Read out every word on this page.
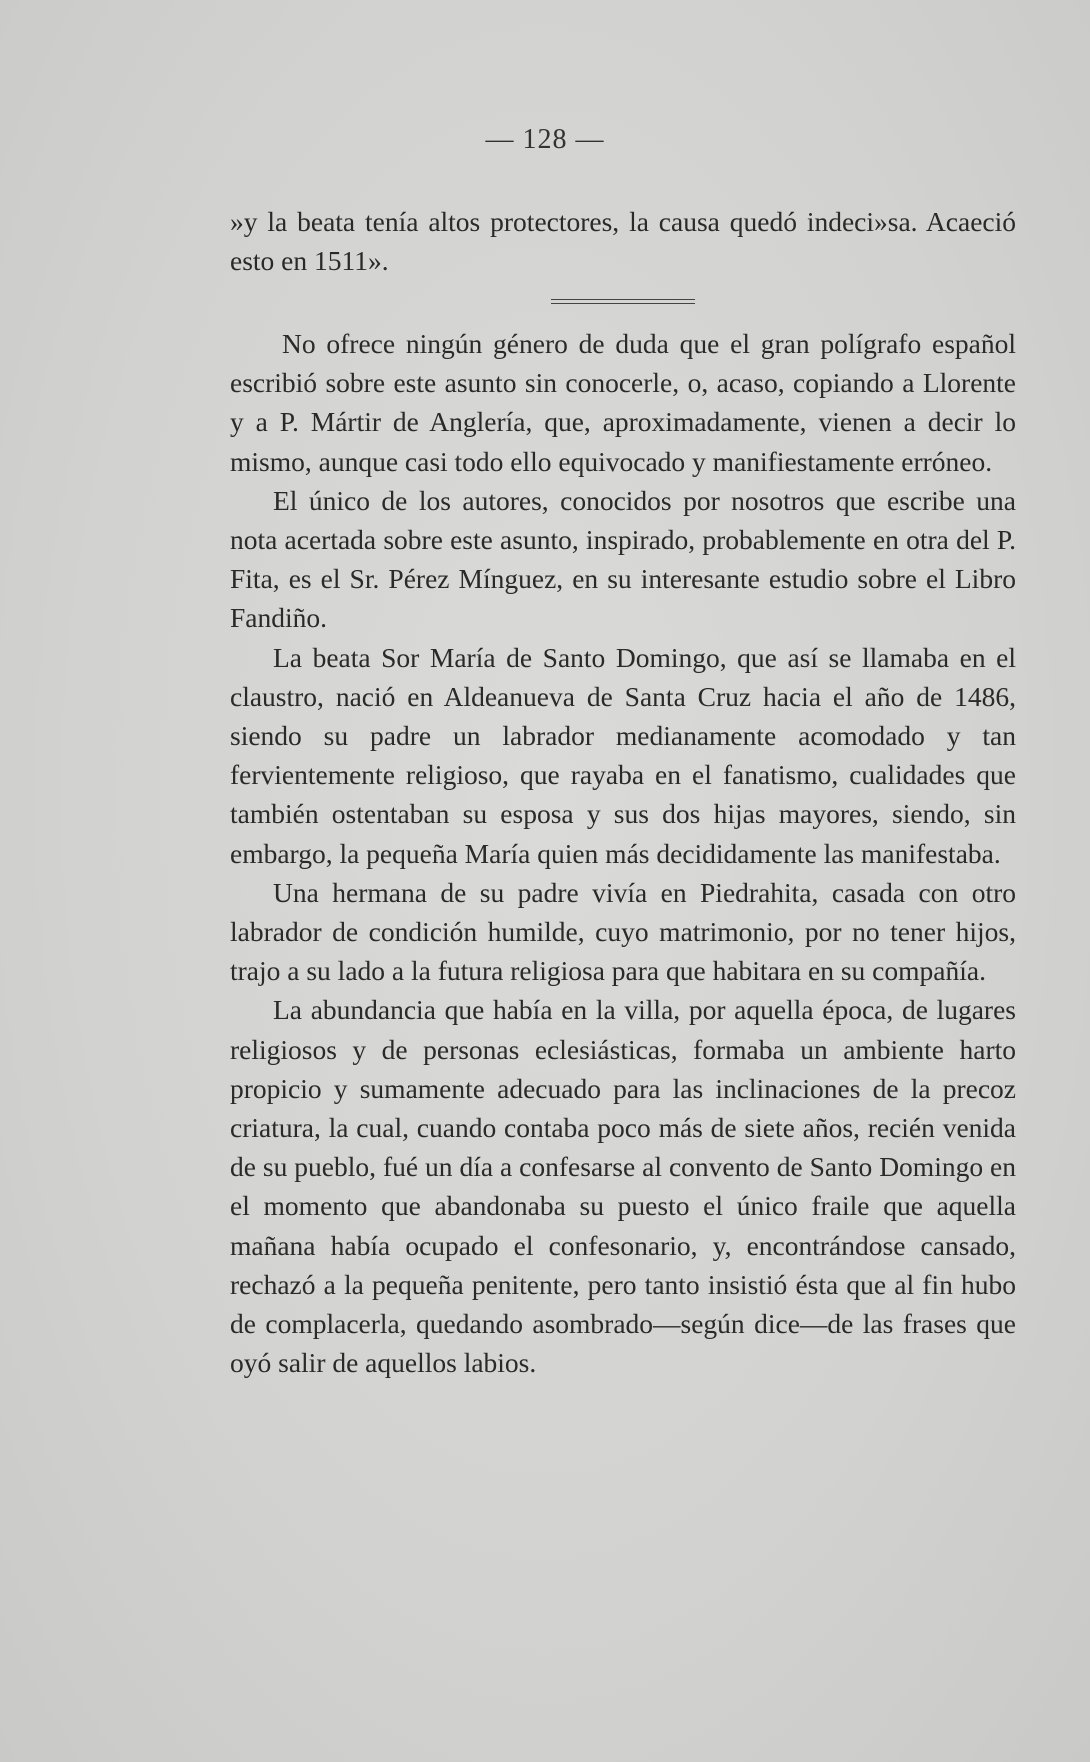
— 128 —

»y la beata tenía altos protectores, la causa quedó indeci»sa. Acaeció esto en 1511».

No ofrece ningún género de duda que el gran polígrafo español escribió sobre este asunto sin conocerle, o, acaso, copiando a Llorente y a P. Mártir de Anglería, que, aproximadamente, vienen a decir lo mismo, aunque casi todo ello equivocado y manifiestamente erróneo.

El único de los autores, conocidos por nosotros que escribe una nota acertada sobre este asunto, inspirado, probablemente en otra del P. Fita, es el Sr. Pérez Mínguez, en su interesante estudio sobre el Libro Fandiño.

La beata Sor María de Santo Domingo, que así se llamaba en el claustro, nació en Aldeanueva de Santa Cruz hacia el año de 1486, siendo su padre un labrador medianamente acomodado y tan fervientemente religioso, que rayaba en el fanatismo, cualidades que también ostentaban su esposa y sus dos hijas mayores, siendo, sin embargo, la pequeña María quien más decididamente las manifestaba.

Una hermana de su padre vivía en Piedrahita, casada con otro labrador de condición humilde, cuyo matrimonio, por no tener hijos, trajo a su lado a la futura religiosa para que habitara en su compañía.

La abundancia que había en la villa, por aquella época, de lugares religiosos y de personas eclesiásticas, formaba un ambiente harto propicio y sumamente adecuado para las inclinaciones de la precoz criatura, la cual, cuando contaba poco más de siete años, recién venida de su pueblo, fué un día a confesarse al convento de Santo Domingo en el momento que abandonaba su puesto el único fraile que aquella mañana había ocupado el confesonario, y, encontrándose cansado, rechazó a la pequeña penitente, pero tanto insistió ésta que al fin hubo de complacerla, quedando asombrado—según dice—de las frases que oyó salir de aquellos labios.
